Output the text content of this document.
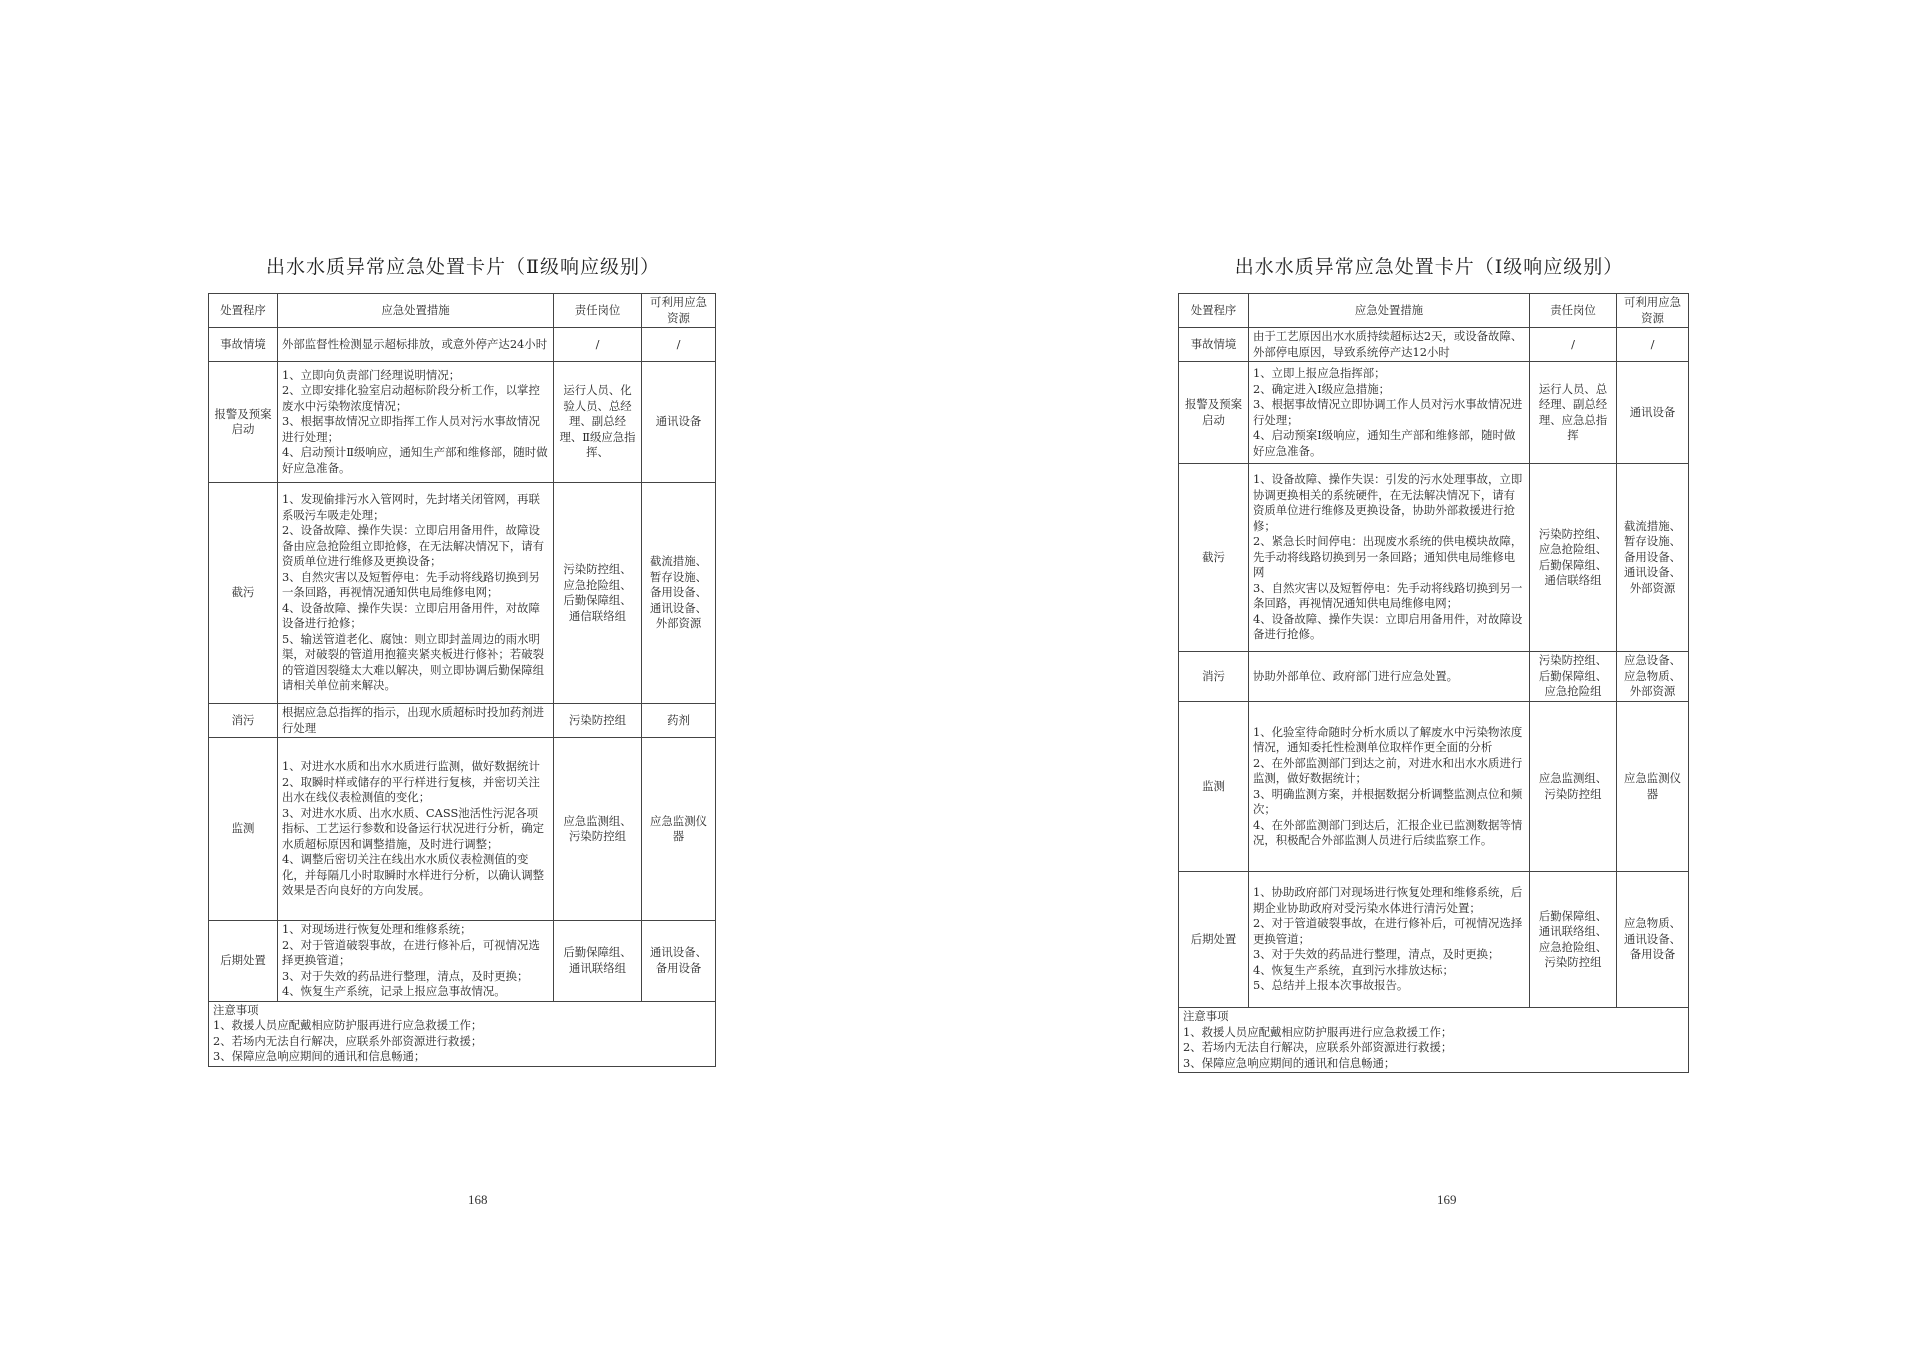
出水水质异常应急处置卡片（Ⅱ级响应级别）
处置程序	应急处置措施	责任岗位	可利用应急资源
事故情境	外部监督性检测显示超标排放，或意外停产达24小时	/	/
报警及预案启动	1、立即向负责部门经理说明情况；
2、立即安排化验室启动超标阶段分析工作，以掌控废水中污染物浓度情况；
3、根据事故情况立即指挥工作人员对污水事故情况进行处理；
4、启动预计Ⅱ级响应，通知生产部和维修部，随时做好应急准备。	运行人员、化验人员、总经理、副总经理、Ⅱ级应急指挥、	通讯设备
截污	1、发现偷排污水入管网时，先封堵关闭管网，再联系吸污车吸走处理；
2、设备故障、操作失误：立即启用备用件，故障设备由应急抢险组立即抢修，在无法解决情况下，请有资质单位进行维修及更换设备；
3、自然灾害以及短暂停电：先手动将线路切换到另一条回路，再视情况通知供电局维修电网；
4、设备故障、操作失误：立即启用备用件，对故障设备进行抢修；
5、输送管道老化、腐蚀：则立即封盖周边的雨水明渠，对破裂的管道用抱箍夹紧夹板进行修补；若破裂的管道因裂缝太大难以解决，则立即协调后勤保障组请相关单位前来解决。	污染防控组、应急抢险组、后勤保障组、通信联络组	截流措施、暂存设施、备用设备、通讯设备、外部资源
消污	根据应急总指挥的指示，出现水质超标时投加药剂进行处理	污染防控组	药剂
监测	1、对进水水质和出水水质进行监测，做好数据统计
2、取瞬时样或储存的平行样进行复核，并密切关注出水在线仪表检测值的变化；
3、对进水水质、出水水质、CASS池活性污泥各项指标、工艺运行参数和设备运行状况进行分析，确定水质超标原因和调整措施，及时进行调整；
4、调整后密切关注在线出水水质仪表检测值的变化，并每隔几小时取瞬时水样进行分析，以确认调整效果是否向良好的方向发展。	应急监测组、污染防控组	应急监测仪器
后期处置	1、对现场进行恢复处理和维修系统；
2、对于管道破裂事故，在进行修补后，可视情况选择更换管道；
3、对于失效的药品进行整理，清点，及时更换；
4、恢复生产系统，记录上报应急事故情况。	后勤保障组、通讯联络组	通讯设备、备用设备

注意事项
1、救援人员应配戴相应防护服再进行应急救援工作；
2、若场内无法自行解决，应联系外部资源进行救援；
3、保障应急响应期间的通讯和信息畅通；			
168
出水水质异常应急处置卡片（Ⅰ级响应级别）
处置程序	应急处置措施	责任岗位	可利用应急资源
事故情境	由于工艺原因出水水质持续超标达2天，或设备故障、外部停电原因，导致系统停产达12小时	/	/
报警及预案启动	1、立即上报应急指挥部；
2、确定进入Ⅰ级应急措施；
3、根据事故情况立即协调工作人员对污水事故情况进行处理；
4、启动预案Ⅰ级响应，通知生产部和维修部，随时做好应急准备。	运行人员、总经理、副总经理、应急总指挥	通讯设备
截污	1、设备故障、操作失误：引发的污水处理事故，立即协调更换相关的系统硬件，在无法解决情况下，请有资质单位进行维修及更换设备，协助外部救援进行抢修；
2、紧急长时间停电：出现废水系统的供电模块故障，先手动将线路切换到另一条回路；通知供电局维修电网
3、自然灾害以及短暂停电：先手动将线路切换到另一条回路，再视情况通知供电局维修电网；
4、设备故障、操作失误：立即启用备用件，对故障设备进行抢修。	污染防控组、应急抢险组、后勤保障组、通信联络组	截流措施、暂存设施、备用设备、通讯设备、外部资源
消污	协助外部单位、政府部门进行应急处置。	污染防控组、后勤保障组、应急抢险组	应急设备、应急物质、外部资源
监测	1、化验室待命随时分析水质以了解废水中污染物浓度情况，通知委托性检测单位取样作更全面的分析
2、在外部监测部门到达之前，对进水和出水水质进行监测，做好数据统计；
3、明确监测方案，并根据数据分析调整监测点位和频次；
4、在外部监测部门到达后，汇报企业已监测数据等情况，积极配合外部监测人员进行后续监察工作。	应急监测组、污染防控组	应急监测仪器
后期处置	1、协助政府部门对现场进行恢复处理和维修系统，后期企业协助政府对受污染水体进行清污处置；
2、对于管道破裂事故，在进行修补后，可视情况选择更换管道；
3、对于失效的药品进行整理，清点，及时更换；
4、恢复生产系统，直到污水排放达标；
5、总结并上报本次事故报告。	后勤保障组、通讯联络组、应急抢险组、污染防控组	应急物质、通讯设备、备用设备

注意事项
1、救援人员应配戴相应防护服再进行应急救援工作；
2、若场内无法自行解决，应联系外部资源进行救援；
3、保障应急响应期间的通讯和信息畅通；			
169
